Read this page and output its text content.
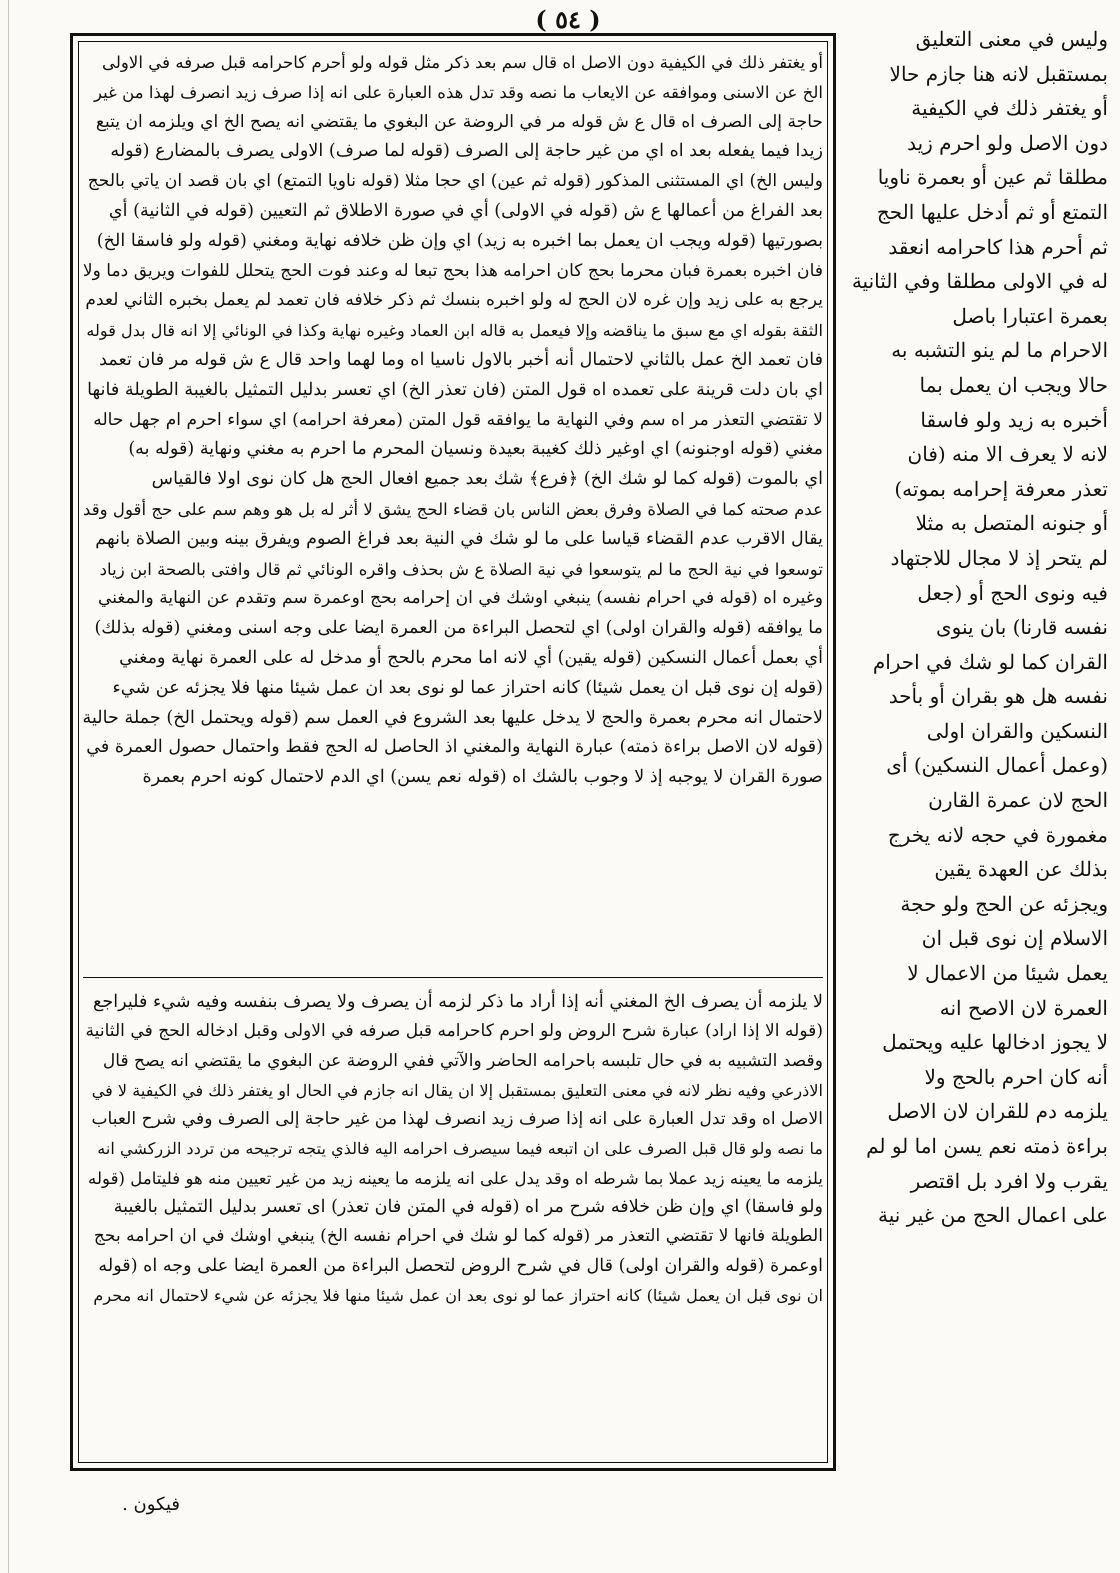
( ٥٤ )
أو يغتفر ذلك في الكيفية دون الاصل اه قال سم بعد ذكر مثل قوله ولو أحرم كاحرامه قبل صرفه في الاولى
الخ عن الاسنى وموافقه عن الايعاب ما نصه وقد تدل هذه العبارة على انه إذا صرف زيد انصرف لهذا من غير
حاجة إلى الصرف اه قال ع ش قوله مر في الروضة عن البغوي ما يقتضي انه يصح الخ اي ويلزمه ان يتبع
زيدا فيما يفعله بعد اه اي من غير حاجة إلى الصرف (قوله لما صرف) الاولى يصرف بالمضارع (قوله
وليس الخ) اي المستثنى المذكور (قوله ثم عين) اي حجا مثلا (قوله ناويا التمتع) اي بان قصد ان ياتي بالحج
بعد الفراغ من أعمالها ع ش (قوله في الاولى) أي في صورة الاطلاق ثم التعيين (قوله في الثانية) أي
بصورتيها (قوله ويجب ان يعمل بما اخبره به زيد) اي وإن ظن خلافه نهاية ومغني (قوله ولو فاسقا الخ)
فان اخبره بعمرة فبان محرما بحج كان احرامه هذا بحج تبعا له وعند فوت الحج يتحلل للفوات ويريق دما ولا
يرجع به على زيد وإن غره لان الحج له ولو اخبره بنسك ثم ذكر خلافه فان تعمد لم يعمل بخبره الثاني لعدم
الثقة بقوله اي مع سبق ما يناقضه وإلا فيعمل به قاله ابن العماد وغيره نهاية وكذا في الونائي إلا انه قال بدل قوله
فان تعمد الخ عمل بالثاني لاحتمال أنه أخبر بالاول ناسيا اه وما لهما واحد قال ع ش قوله مر فان تعمد
اي بان دلت قرينة على تعمده اه قول المتن (فان تعذر الخ) اي تعسر بدليل التمثيل بالغيبة الطويلة فانها
لا تقتضي التعذر مر اه سم وفي النهاية ما يوافقه قول المتن (معرفة احرامه) اي سواء احرم ام جهل حاله
مغني (قوله اوجنونه) اي اوغير ذلك كغيبة بعيدة ونسيان المحرم ما احرم به مغني ونهاية (قوله به)
اي بالموت (قوله كما لو شك الخ) ﴿فرع﴾ شك بعد جميع افعال الحج هل كان نوى اولا فالقياس
عدم صحته كما في الصلاة وفرق بعض الناس بان قضاء الحج يشق لا أثر له بل هو وهم سم على حج أقول وقد
يقال الاقرب عدم القضاء قياسا على ما لو شك في النية بعد فراغ الصوم ويفرق بينه وبين الصلاة بانهم
توسعوا في نية الحج ما لم يتوسعوا في نية الصلاة ع ش بحذف واقره الونائي ثم قال وافتى بالصحة ابن زياد
وغيره اه (قوله في احرام نفسه) ينبغي اوشك في ان إحرامه بحج اوعمرة سم وتقدم عن النهاية والمغني
ما يوافقه (قوله والقران اولى) اي لتحصل البراءة من العمرة ايضا على وجه اسنى ومغني (قوله بذلك)
أي بعمل أعمال النسكين (قوله يقين) أي لانه اما محرم بالحج أو مدخل له على العمرة نهاية ومغني
(قوله إن نوى قبل ان يعمل شيئا) كانه احتراز عما لو نوى بعد ان عمل شيئا منها فلا يجزئه عن شيء
لاحتمال انه محرم بعمرة والحج لا يدخل عليها بعد الشروع في العمل سم (قوله ويحتمل الخ) جملة حالية
(قوله لان الاصل براءة ذمته) عبارة النهاية والمغني اذ الحاصل له الحج فقط واحتمال حصول العمرة في
صورة القران لا يوجبه إذ لا وجوب بالشك اه (قوله نعم يسن) اي الدم لاحتمال كونه احرم بعمرة
لا يلزمه أن يصرف الخ المغني أنه إذا أراد ما ذكر لزمه أن يصرف ولا يصرف بنفسه وفيه شيء فليراجع
(قوله الا إذا اراد) عبارة شرح الروض ولو احرم كاحرامه قبل صرفه في الاولى وقبل ادخاله الحج في الثانية
وقصد التشبيه به في حال تلبسه باحرامه الحاضر والآتي ففي الروضة عن البغوي ما يقتضي انه يصح قال
الاذرعي وفيه نظر لانه في معنى التعليق بمستقبل إلا ان يقال انه جازم في الحال او يغتفر ذلك في الكيفية لا في
الاصل اه وقد تدل العبارة على انه إذا صرف زيد انصرف لهذا من غير حاجة إلى الصرف وفي شرح العباب
ما نصه ولو قال قبل الصرف على ان اتبعه فيما سيصرف احرامه اليه فالذي يتجه ترجيحه من تردد الزركشي انه
يلزمه ما يعينه زيد عملا بما شرطه اه وقد يدل على انه يلزمه ما يعينه زيد من غير تعيين منه هو فليتامل (قوله
ولو فاسقا) اي وإن ظن خلافه شرح مر اه (قوله في المتن فان تعذر) اى تعسر بدليل التمثيل بالغيبة
الطويلة فانها لا تقتضي التعذر مر (قوله كما لو شك في احرام نفسه الخ) ينبغي اوشك في ان احرامه بحج
اوعمرة (قوله والقران اولى) قال في شرح الروض لتحصل البراءة من العمرة ايضا على وجه اه (قوله
ان نوى قبل ان يعمل شيئا) كانه احتراز عما لو نوى بعد ان عمل شيئا منها فلا يجزئه عن شيء لاحتمال انه محرم
وليس في معنى التعليق
بمستقبل لانه هنا جازم حالا
أو يغتفر ذلك في الكيفية
دون الاصل ولو احرم زيد
مطلقا ثم عين أو بعمرة ناويا
التمتع أو ثم أدخل عليها الحج
ثم أحرم هذا كاحرامه انعقد
له في الاولى مطلقا وفي الثانية
بعمرة اعتبارا باصل
الاحرام ما لم ينو التشبه به
حالا ويجب ان يعمل بما
أخبره به زيد ولو فاسقا
لانه لا يعرف الا منه (فان
تعذر معرفة إحرامه بموته)
أو جنونه المتصل به مثلا
لم يتحر إذ لا مجال للاجتهاد
فيه ونوى الحج أو (جعل
نفسه قارنا) بان ينوى
القران كما لو شك في احرام
نفسه هل هو بقران أو بأحد
النسكين والقران اولى
(وعمل أعمال النسكين) أى
الحج لان عمرة القارن
مغمورة في حجه لانه يخرج
بذلك عن العهدة يقين
ويجزئه عن الحج ولو حجة
الاسلام إن نوى قبل ان
يعمل شيئا من الاعمال لا
العمرة لان الاصح انه
لا يجوز ادخالها عليه ويحتمل
أنه كان احرم بالحج ولا
يلزمه دم للقران لان الاصل
براءة ذمته نعم يسن اما لو لم
يقرب ولا افرد بل اقتصر
على اعمال الحج من غير نية
فيكون .
